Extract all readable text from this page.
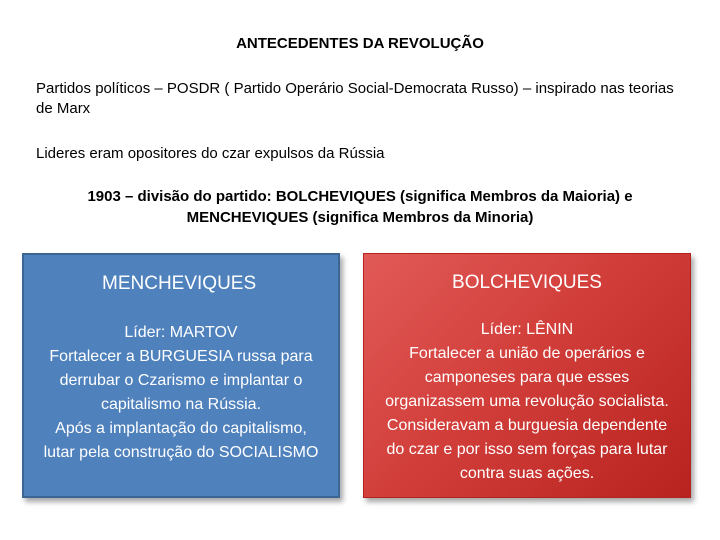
ANTECEDENTES DA REVOLUÇÃO
Partidos políticos – POSDR ( Partido Operário Social-Democrata Russo) – inspirado nas teorias de Marx
Lideres eram opositores do czar expulsos da Rússia
1903 – divisão do partido: BOLCHEVIQUES (significa Membros da Maioria) e
MENCHEVIQUES (significa Membros da Minoria)
MENCHEVIQUES
Líder: MARTOV
Fortalecer a BURGUESIA russa para
derrubar o Czarismo e implantar o
capitalismo na Rússia.
Após a implantação do capitalismo,
lutar pela construção do SOCIALISMO
BOLCHEVIQUES
Líder: LÊNIN
Fortalecer a união de operários e
camponeses para que esses
organizassem uma revolução socialista.
Consideravam a burguesia dependente
do czar e por isso sem forças para lutar
contra suas ações.
